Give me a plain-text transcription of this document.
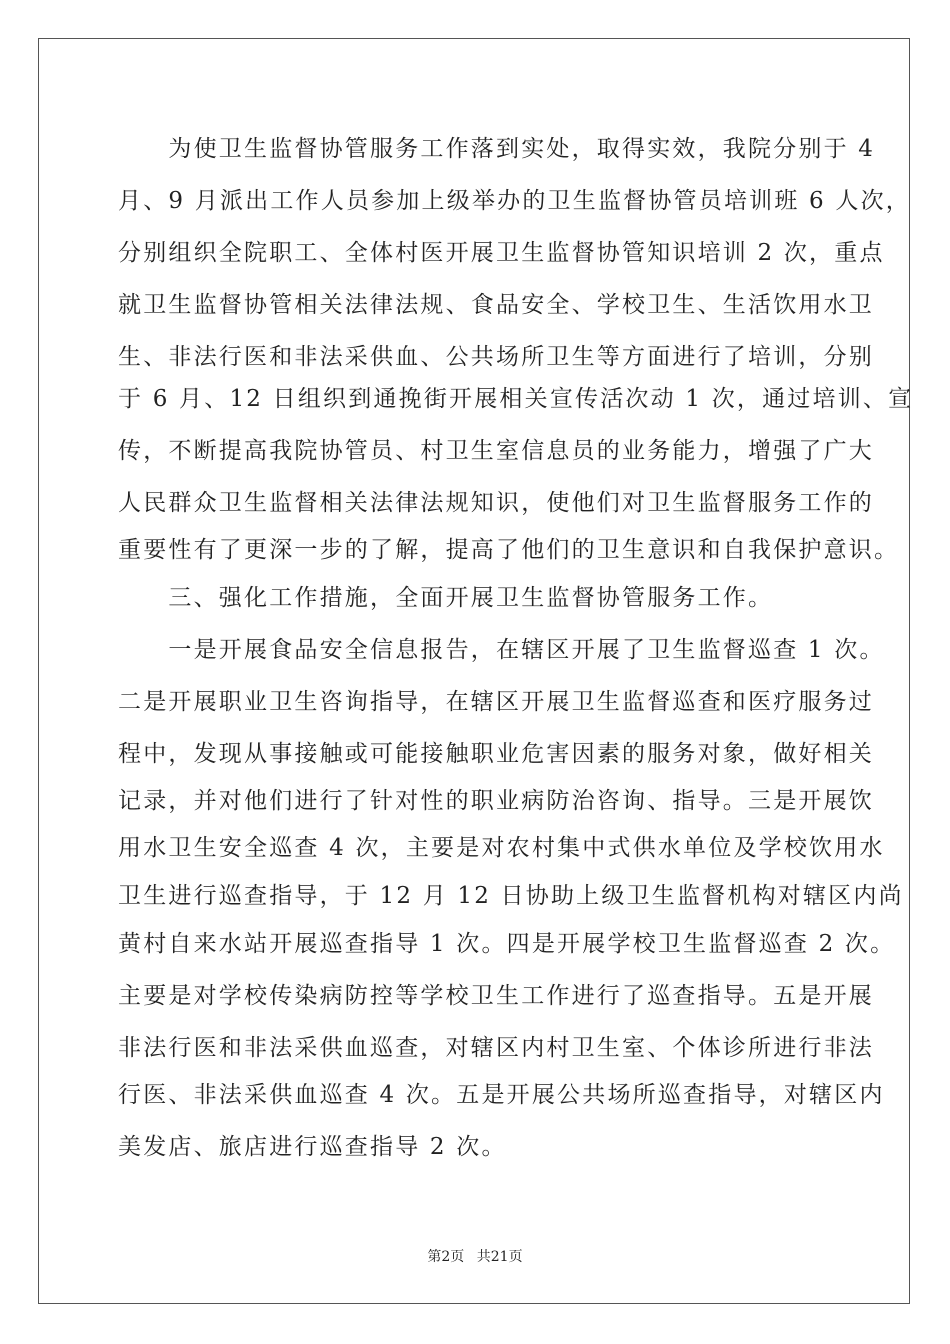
　　为使卫生监督协管服务工作落到实处，取得实效，我院分别于 4
月、9 月派出工作人员参加上级举办的卫生监督协管员培训班 6 人次，
分别组织全院职工、全体村医开展卫生监督协管知识培训 2 次，重点
就卫生监督协管相关法律法规、食品安全、学校卫生、生活饮用水卫
生、非法行医和非法采供血、公共场所卫生等方面进行了培训，分别
于 6 月、12 日组织到通挽街开展相关宣传活次动 1 次，通过培训、宣
传，不断提高我院协管员、村卫生室信息员的业务能力，增强了广大
人民群众卫生监督相关法律法规知识，使他们对卫生监督服务工作的
重要性有了更深一步的了解，提高了他们的卫生意识和自我保护意识。
　　三、强化工作措施，全面开展卫生监督协管服务工作。
　　一是开展食品安全信息报告，在辖区开展了卫生监督巡查 1 次。
二是开展职业卫生咨询指导，在辖区开展卫生监督巡查和医疗服务过
程中，发现从事接触或可能接触职业危害因素的服务对象，做好相关
记录，并对他们进行了针对性的职业病防治咨询、指导。三是开展饮
用水卫生安全巡查 4 次，主要是对农村集中式供水单位及学校饮用水
卫生进行巡查指导，于 12 月 12 日协助上级卫生监督机构对辖区内尚
黄村自来水站开展巡查指导 1 次。四是开展学校卫生监督巡查 2 次。
主要是对学校传染病防控等学校卫生工作进行了巡查指导。五是开展
非法行医和非法采供血巡查，对辖区内村卫生室、个体诊所进行非法
行医、非法采供血巡查 4 次。五是开展公共场所巡查指导，对辖区内
美发店、旅店进行巡查指导 2 次。
第2页 共21页
